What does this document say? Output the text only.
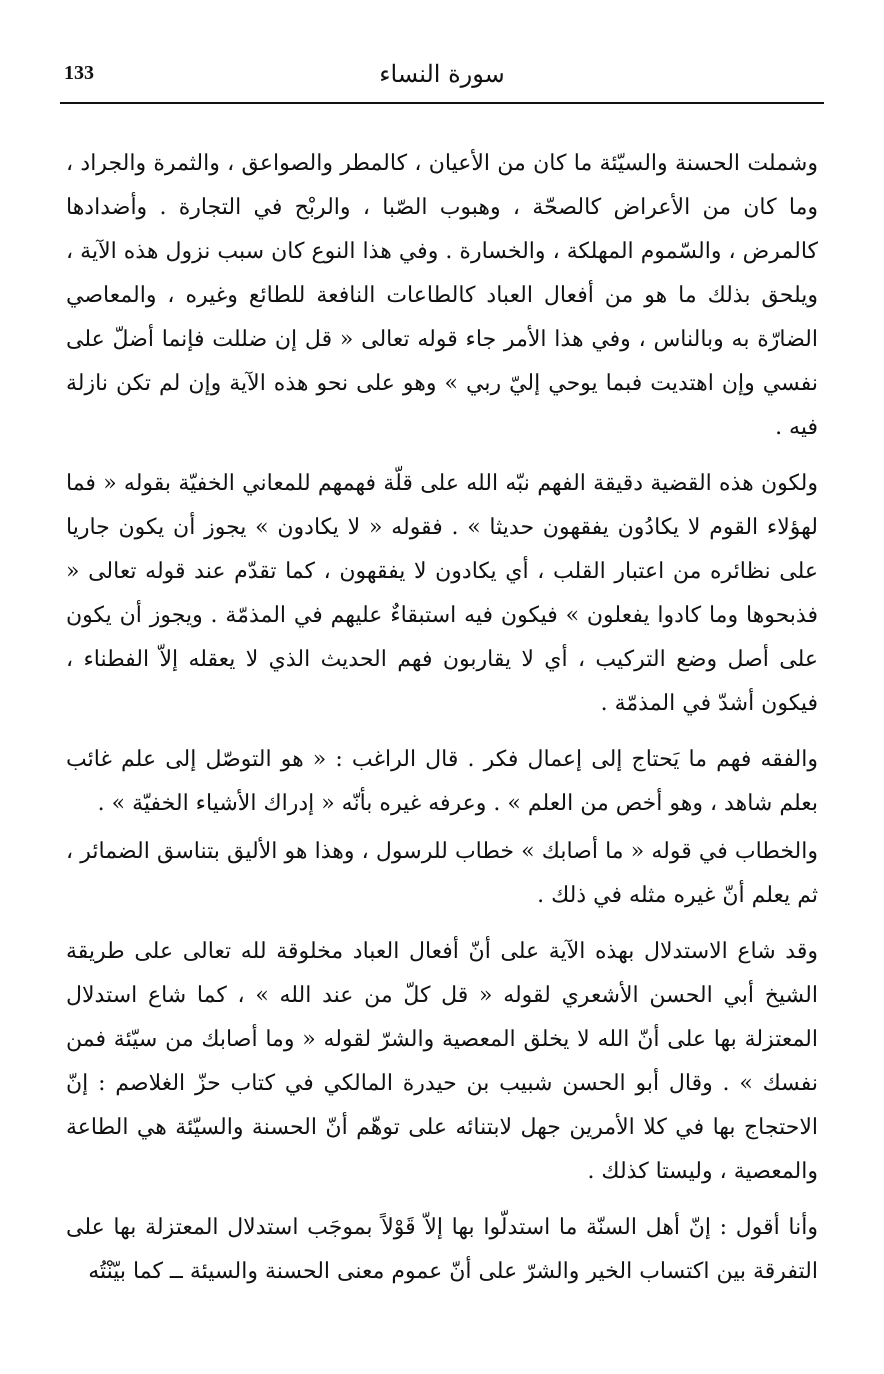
133	سورة النساء

وشملت الحسنة والسيّئة ما كان من الأعيان ، كالمطر والصواعق ، والثمرة والجراد ، وما كان من الأعراض كالصحّة ، وهبوب الصّبا ، والربْح في التجارة . وأضدادها كالمرض ، والسّموم المهلكة ، والخسارة . وفي هذا النوع كان سبب نزول هذه الآية ، ويلحق بذلك ما هو من أفعال العباد كالطاعات النافعة للطائع وغيره ، والمعاصي الضارّة به وبالناس ، وفي هذا الأمر جاء قوله تعالى « قل إن ضللت فإنما أضلّ على نفسي وإن اهتديت فبما يوحي إليّ ربي » وهو على نحو هذه الآية وإن لم تكن نازلة فيه .

ولكون هذه القضية دقيقة الفهم نبّه الله على قلّة فهمهم للمعاني الخفيّة بقوله « فما لهؤلاء القوم لا يكادُون يفقهون حديثا » . فقوله « لا يكادون » يجوز أن يكون جاريا على نظائره من اعتبار القلب ، أي يكادون لا يفقهون ، كما تقدّم عند قوله تعالى « فذبحوها وما كادوا يفعلون » فيكون فيه استبقاءٌ عليهم في المذمّة . ويجوز أن يكون على أصل وضع التركيب ، أي لا يقاربون فهم الحديث الذي لا يعقله إلاّ الفطناء ، فيكون أشدّ في المذمّة .

والفقه فهم ما يَحتاج إلى إعمال فكر . قال الراغب : « هو التوصّل إلى علم غائب بعلم شاهد ، وهو أخص من العلم » . وعرفه غيره بأنّه « إدراك الأشياء الخفيّة » .

والخطاب في قوله « ما أصابك » خطاب للرسول ، وهذا هو الأليق بتناسق الضمائر ، ثم يعلم أنّ غيره مثله في ذلك .

وقد شاع الاستدلال بهذه الآية على أنّ أفعال العباد مخلوقة لله تعالى على طريقة الشيخ أبي الحسن الأشعري لقوله « قل كلّ من عند الله » ، كما شاع استدلال المعتزلة بها على أنّ الله لا يخلق المعصية والشرّ لقوله « وما أصابك من سيّئة فمن نفسك » . وقال أبو الحسن شبيب بن حيدرة المالكي في كتاب حزّ الغلاصم : إنّ الاحتجاج بها في كلا الأمرين جهل لابتنائه على توهّم أنّ الحسنة والسيّئة هي الطاعة والمعصية ، وليستا كذلك .

وأنا أقول : إنّ أهل السنّة ما استدلّوا بها إلاّ قَوْلاً بموجَب استدلال المعتزلة بها على التفرقة بين اكتساب الخير والشرّ على أنّ عموم معنى الحسنة والسيئة ــ كما بيّنْتُه
